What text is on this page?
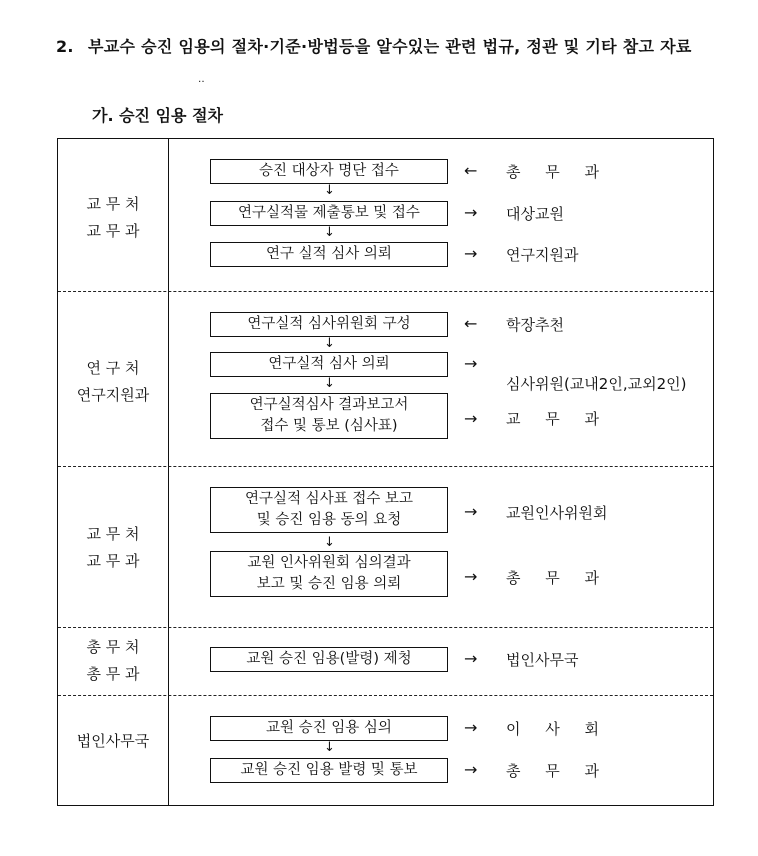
2. 부교수 승진 임용의 절차·기준·방법등을 알수있는 관련 법규, 정관 및 기타 참고 자료
‥
가. 승진 임용 절차
교 무 처
교 무 과
승진 대상자 명단 접수	← 총 무 과
↓
연구실적물 제출통보 및 접수	→ 대상교원
↓
연구 실적 심사 의뢰	→ 연구지원과
연 구 처
연구지원과
연구실적 심사위원회 구성	← 학장추천
↓
연구실적 심사 의뢰	→
심사위원(교내2인,교외2인)
↓
연구실적심사 결과보고서
접수 및 통보 (심사표)	→ 교 무 과
교 무 처
교 무 과
연구실적 심사표 접수 보고
및 승진 임용 동의 요청	→ 교원인사위원회
↓
교원 인사위원회 심의결과
보고 및 승진 임용 의뢰	→ 총 무 과
총 무 처
총 무 과
교원 승진 임용(발령) 제청	→ 법인사무국
법인사무국
교원 승진 임용 심의	→ 이 사 회
↓
교원 승진 임용 발령 및 통보	→ 총 무 과
